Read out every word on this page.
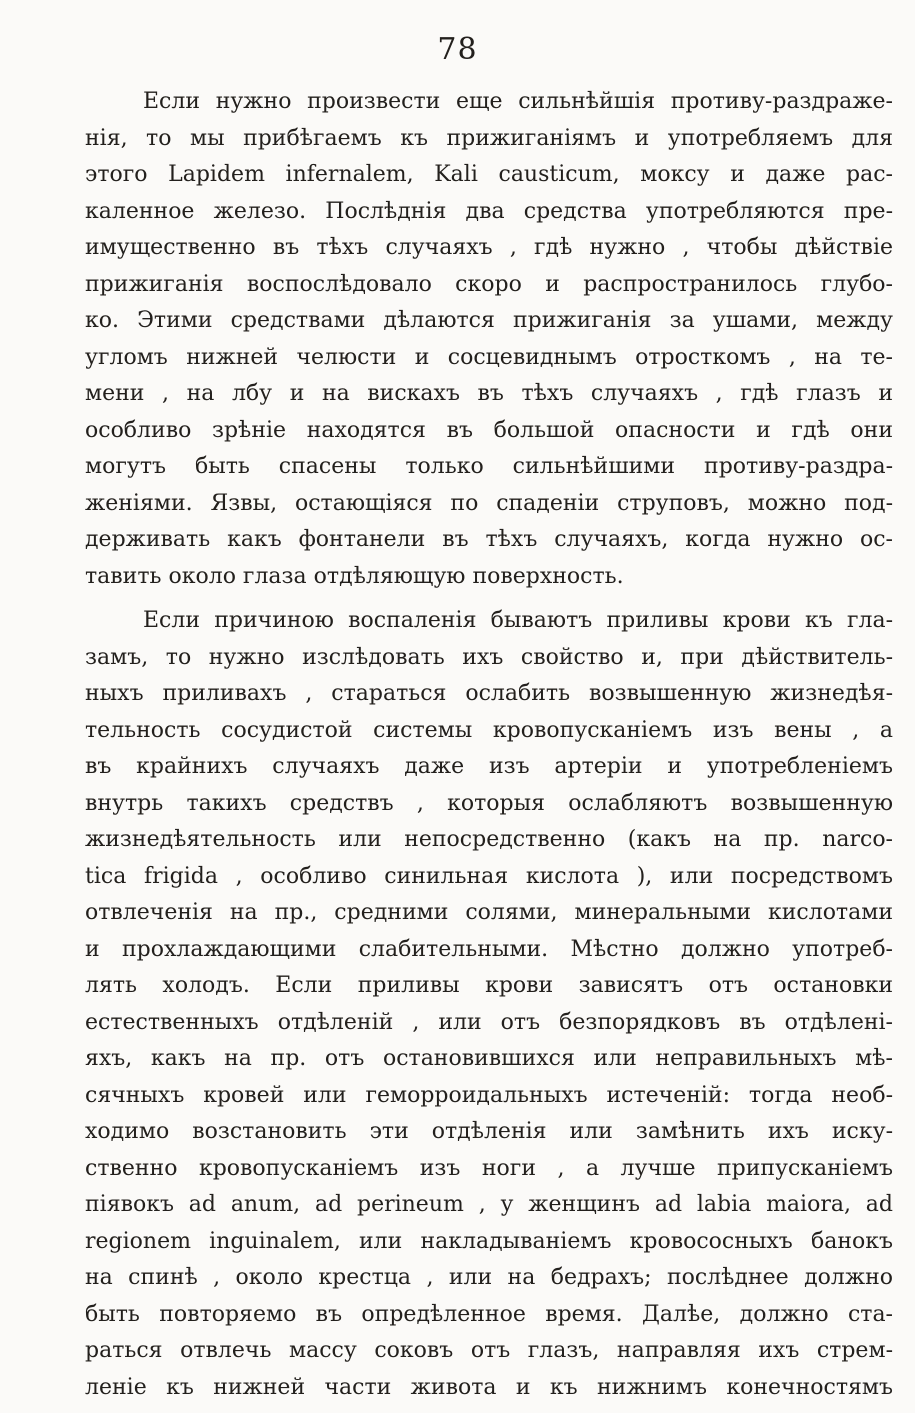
78
Если нужно произвести еще сильнѣйшія противу-раздраже-
нія, то мы прибѣгаемъ къ прижиганіямъ и употребляемъ для
этого Lapidem infernalem, Kali causticum, моксу и даже рас-
каленное железо. Послѣднія два средства употребляются пре-
имущественно въ тѣхъ случаяхъ , гдѣ нужно , чтобы дѣйствіе
прижиганія воспослѣдовало скоро и распространилось глубо-
ко. Этими средствами дѣлаются прижиганія за ушами, между
угломъ нижней челюсти и сосцевиднымъ отросткомъ , на те-
мени , на лбу и на вискахъ въ тѣхъ случаяхъ , гдѣ глазъ и
особливо зрѣніе находятся въ большой опасности и гдѣ они
могутъ быть спасены только сильнѣйшими противу-раздра-
женіями. Язвы, остающіяся по спаденіи струповъ, можно под-
держивать какъ фонтанели въ тѣхъ случаяхъ, когда нужно ос-
тавить около глаза отдѣляющую поверхность.
Если причиною воспаленія бываютъ приливы крови къ гла-
замъ, то нужно изслѣдовать ихъ свойство и, при дѣйствитель-
ныхъ приливахъ , стараться ослабить возвышенную жизнедѣя-
тельность сосудистой системы кровопусканіемъ изъ вены , а
въ крайнихъ случаяхъ даже изъ артеріи и употребленіемъ
внутрь такихъ средствъ , которыя ослабляютъ возвышенную
жизнедѣятельность или непосредственно (какъ на пр. narco-
tica frigida , особливо синильная кислота ), или посредствомъ
отвлеченія на пр., средними солями, минеральными кислотами
и прохлаждающими слабительными. Мѣстно должно употреб-
лять холодъ. Если приливы крови зависятъ отъ остановки
естественныхъ отдѣленій , или отъ безпорядковъ въ отдѣлені-
яхъ, какъ на пр. отъ остановившихся или неправильныхъ мѣ-
сячныхъ кровей или геморроидальныхъ истеченій: тогда необ-
ходимо возстановить эти отдѣленія или замѣнить ихъ иску-
ственно кровопусканіемъ изъ ноги , а лучше припусканіемъ
піявокъ ad anum, ad perineum , у женщинъ ad labia maiora, ad
regionem inguinalem, или накладываніемъ кровососныхъ банокъ
на спинѣ , около крестца , или на бедрахъ; послѣднее должно
быть повторяемо въ опредѣленное время. Далѣе, должно ста-
раться отвлечь массу соковъ отъ глазъ, направляя ихъ стрем-
леніе къ нижней части живота и къ нижнимъ конечностямъ
